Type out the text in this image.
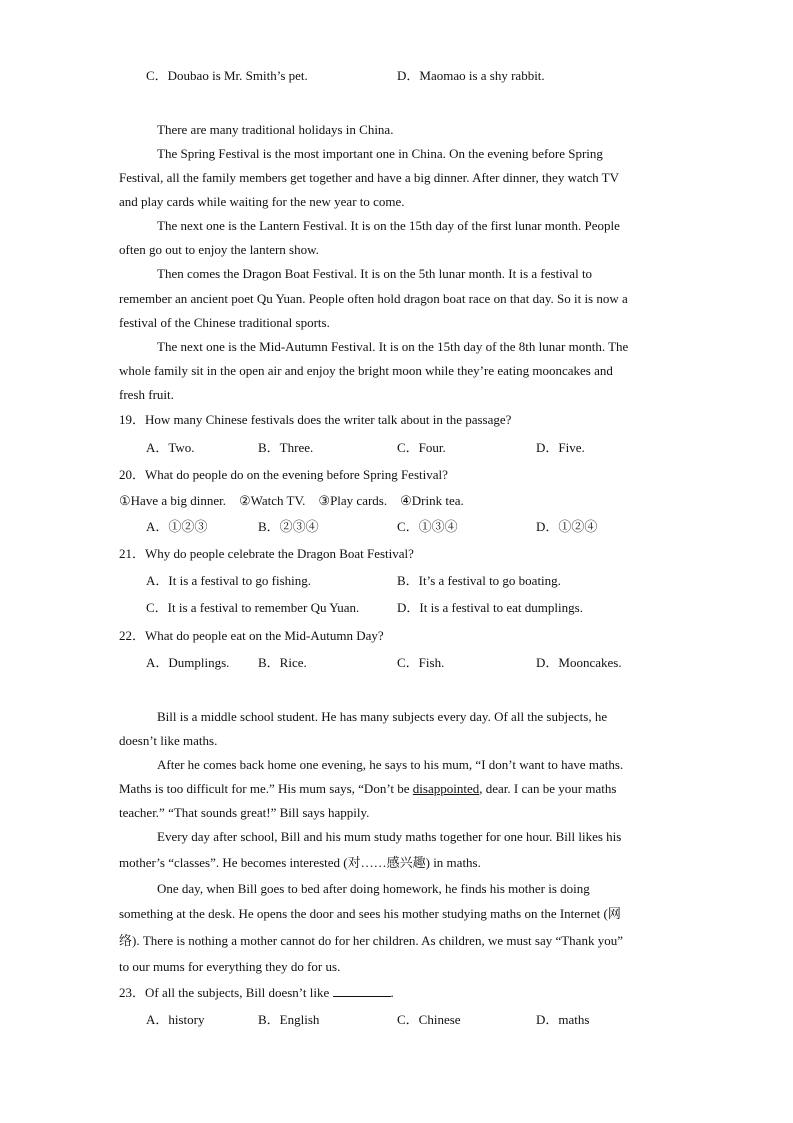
C．Doubao is Mr. Smith’s pet.	D．Maomao is a shy rabbit.
There are many traditional holidays in China.
The Spring Festival is the most important one in China. On the evening before Spring
Festival, all the family members get together and have a big dinner. After dinner, they watch TV
and play cards while waiting for the new year to come.
The next one is the Lantern Festival. It is on the 15th day of the first lunar month. People
often go out to enjoy the lantern show.
Then comes the Dragon Boat Festival. It is on the 5th lunar month. It is a festival to
remember an ancient poet Qu Yuan. People often hold dragon boat race on that day. So it is now a
festival of the Chinese traditional sports.
The next one is the Mid-Autumn Festival. It is on the 15th day of the 8th lunar month. The
whole family sit in the open air and enjoy the bright moon while they’re eating mooncakes and
fresh fruit.
19．How many Chinese festivals does the writer talk about in the passage?
A．Two.	B．Three.	C．Four.	D．Five.
20．What do people do on the evening before Spring Festival?
①Have a big dinner.    ②Watch TV.    ③Play cards.    ④Drink tea.
A．①②③	B．②③④	C．①③④	D．①②④
21．Why do people celebrate the Dragon Boat Festival?
A．It is a festival to go fishing.	B．It’s a festival to go boating.
C．It is a festival to remember Qu Yuan.	D．It is a festival to eat dumplings.
22．What do people eat on the Mid-Autumn Day?
A．Dumplings. B．Rice.	C．Fish.	D．Mooncakes.
Bill is a middle school student. He has many subjects every day. Of all the subjects, he
doesn’t like maths.
After he comes back home one evening, he says to his mum, “I don’t want to have maths.
Maths is too difficult for me.” His mum says, “Don’t be disappointed, dear. I can be your maths
teacher.” “That sounds great!” Bill says happily.
Every day after school, Bill and his mum study maths together for one hour. Bill likes his
mother’s “classes”. He becomes interested (对……感兴趣) in maths.
One day, when Bill goes to bed after doing homework, he finds his mother is doing
something at the desk. He opens the door and sees his mother studying maths on the Internet (网
络). There is nothing a mother cannot do for her children. As children, we must say “Thank you”
to our mums for everything they do for us.
23．Of all the subjects, Bill doesn’t like	.
A．history	B．English	C．Chinese	D．maths
